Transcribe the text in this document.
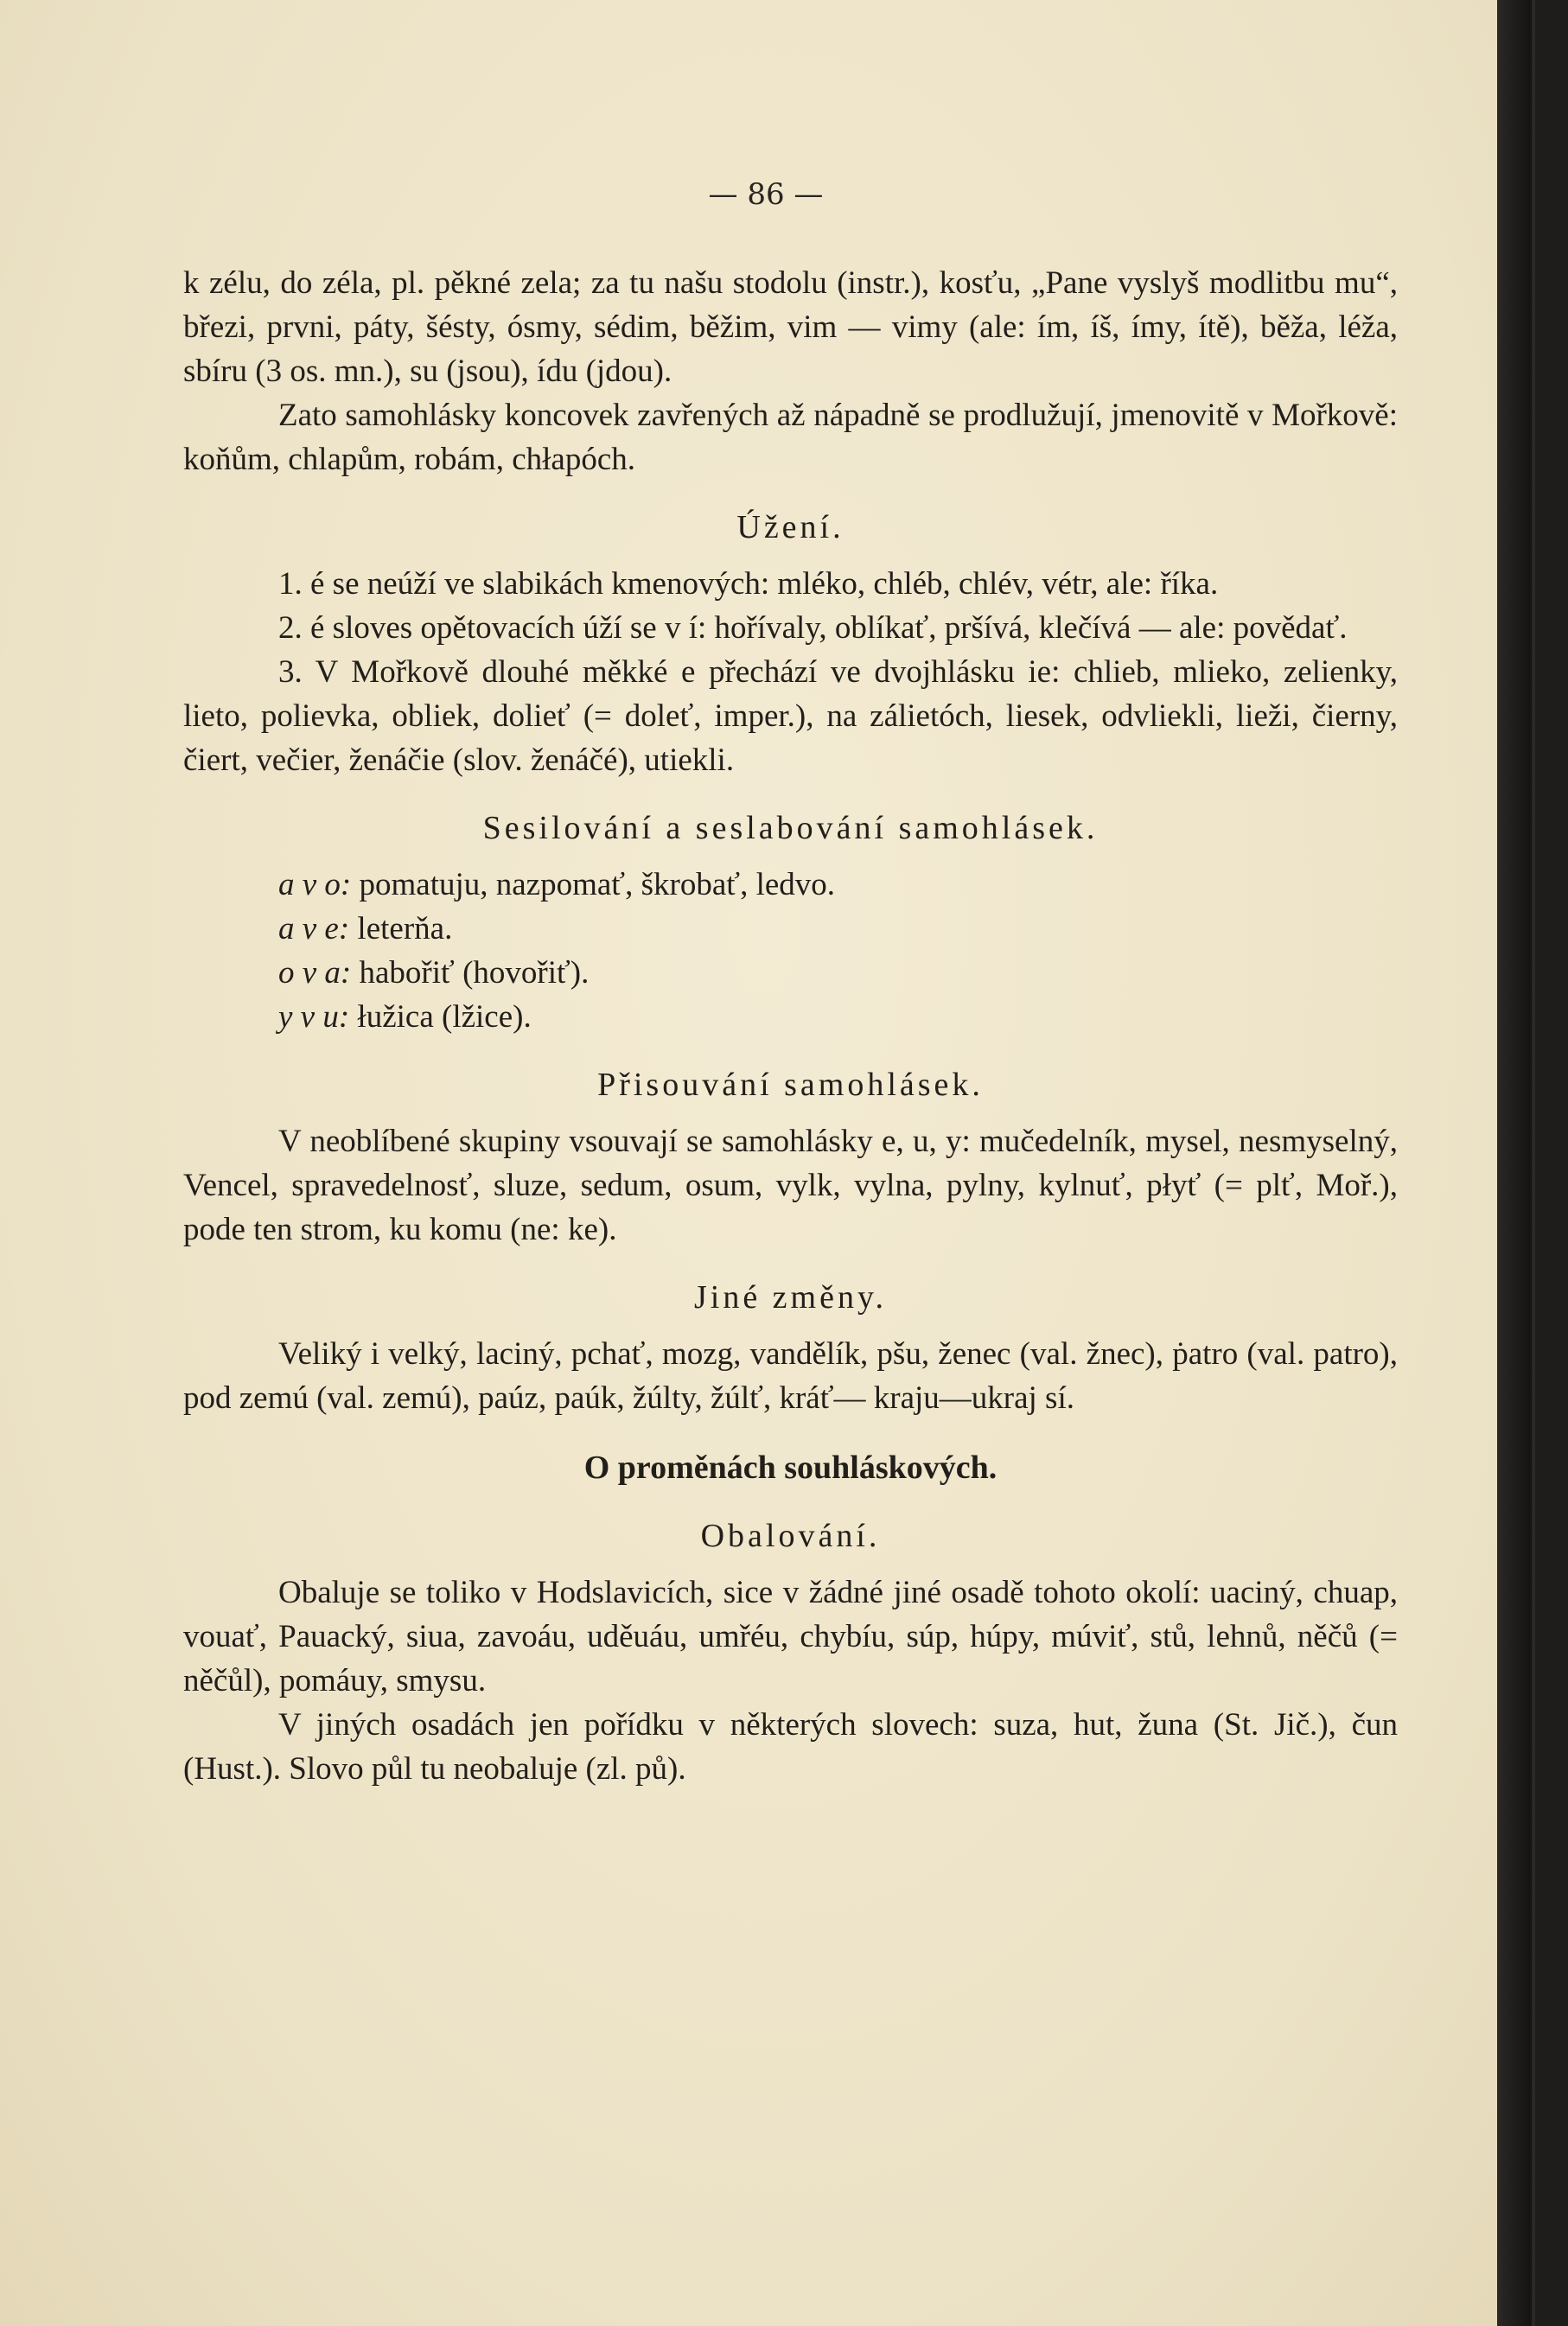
— 86 —

k zélu, do zéla, pl. pěkné zela; za tu našu stodolu (instr.), kosťu, „Pane vyslyš modlitbu mu“, březi, prvni, páty, šésty, ósmy, sédim, běžim, vim — vimy (ale: ím, íš, ímy, ítě), běža, léža, sbíru (3 os. mn.), su (jsou), ídu (jdou).

Zato samohlásky koncovek zavřených až nápadně se prodlužují, jmenovitě v Mořkově: koňům, chlapům, robám, chłapóch.

Úžení.

1. é se neúží ve slabikách kmenových: mléko, chléb, chlév, vétr, ale: říka.

2. é sloves opětovacích úží se v í: hořívaly, oblíkať, pršívá, klečívá — ale: povědať.

3. V Mořkově dlouhé měkké e přechází ve dvojhlásku ie: chlieb, mlieko, zelienky, lieto, polievka, obliek, dolieť (= doleť, imper.), na zálietóch, liesek, odvliekli, lieži, čierny, čiert, večier, ženáčie (slov. ženáčé), utiekli.

Sesilování a seslabování samohlásek.
a v o: pomatuju, nazpomať, škrobať, ledvo.
a v e: leterňa.
o v a: habořiť (hovořiť).
y v u: łužica (lžice).
Přisouvání samohlásek.

V neoblíbené skupiny vsouvají se samohlásky e, u, y: mučedelník, mysel, nesmyselný, Vencel, spravedelnosť, sluze, sedum, osum, vylk, vylna, pylny, kylnuť, płyť (= plť, Moř.), pode ten strom, ku komu (ne: ke).

Jiné změny.

Veliký i velký, laciný, pchať, mozg, vandělík, pšu, ženec (val. žnec), ṗatro (val. patro), pod zemú (val. zemú), paúz, paúk, žúlty, žúlť, kráť— kraju—ukraj sí.

O proměnách souhláskových.
Obalování.

Obaluje se toliko v Hodslavicích, sice v žádné jiné osadě tohoto okolí: uaciný, chuap, vouať, Pauacký, siua, zavoáu, uděuáu, umřéu, chybíu, súp, húpy, múviť, stů, lehnů, něčů (= něčůl), pomáuy, smysu.

V jiných osadách jen pořídku v některých slovech: suza, hut, žuna (St. Jič.), čun (Hust.). Slovo půl tu neobaluje (zl. pů).
